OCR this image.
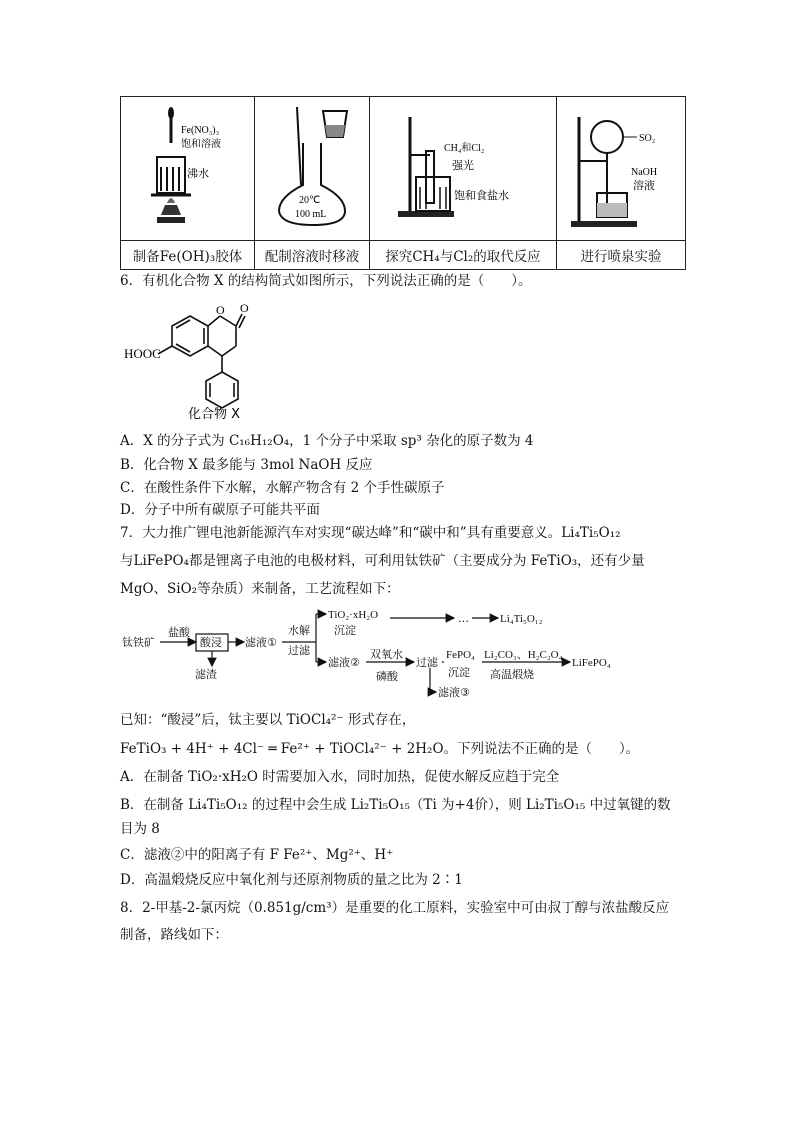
Fe(NO₃)₃
饱和溶液
沸水	20℃
100 mL	CH₄和Cl₂
强光
饱和食盐水	SO₂
NaOH
溶液

制备Fe(OH)₃胶体	配制溶液时移液	探究CH₄与Cl₂的取代反应	进行喷泉实验
6．有机化合物 X 的结构简式如图所示，下列说法正确的是（　　）。
O O
HOOC
化合物 X
A．X 的分子式为 C₁₆H₁₂O₄，1 个分子中采取 sp³ 杂化的原子数为 4
B．化合物 X 最多能与 3mol NaOH 反应
C．在酸性条件下水解，水解产物含有 2 个手性碳原子
D．分子中所有碳原子可能共平面
7．大力推广锂电池新能源汽车对实现“碳达峰”和“碳中和”具有重要意义。Li₄Ti₅O₁₂
与LiFePO₄都是锂离子电池的电极材料，可利用钛铁矿（主要成分为 FeTiO₃，还有少量
MgO、SiO₂等杂质）来制备，工艺流程如下：
钛铁矿
盐酸
酸浸 滤液①
滤渣
水解
过滤
TiO₂·xH₂O
沉淀
…	Li₄Ti₅O₁₂
滤液②
双氧水
磷酸
过滤
FePO₄
沉淀
Li₂CO₃、H₂C₂O₄
高温煅烧
LiFePO₄
滤液③
已知：“酸浸”后，钛主要以 TiOCl₄²⁻ 形式存在，
FeTiO₃ + 4H⁺ + 4Cl⁻ ═ Fe²⁺ + TiOCl₄²⁻ + 2H₂O。下列说法不正确的是（　　）。
A．在制备 TiO₂·xH₂O 时需要加入水，同时加热，促使水解反应趋于完全
B．在制备 Li₄Ti₅O₁₂ 的过程中会生成 Li₂Ti₅O₁₅（Ti 为+4价），则 Li₂Ti₅O₁₅ 中过氧键的数
目为 8
C．滤液②中的阳离子有 F Fe²⁺、Mg²⁺、H⁺
D．高温煅烧反应中氧化剂与还原剂物质的量之比为 2∶1
8．2-甲基-2-氯丙烷（0.851g/cm³）是重要的化工原料，实验室中可由叔丁醇与浓盐酸反应
制备，路线如下：
